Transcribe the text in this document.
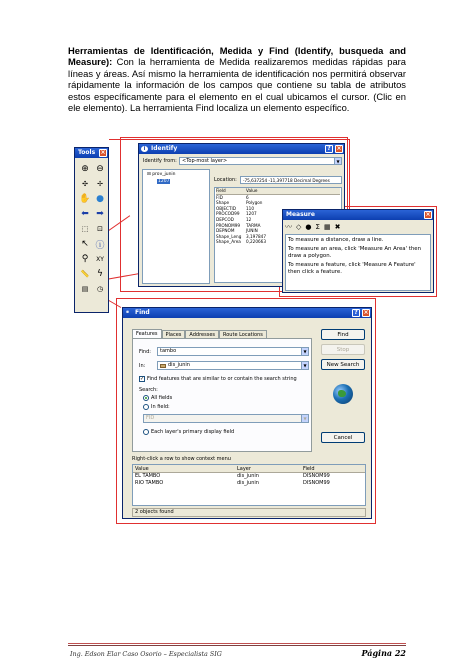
Herramientas de Identificación, Medida y Find (Identify, busqueda and Measure): Con la herramienta de Medida realizaremos medidas rápidas para líneas y áreas. Así mismo la herramienta de identificación nos permitirá observar rápidamente la información de los campos que contiene su tabla de atributos estos específicamente para el elemento en el cual ubicamos el cursor. (Clic en ele elemento). La herramienta Find localiza un elemento específico.
Tools ×
⊕ ⊖
✣	✢
✋ ●
⬅ ➡
⬚	⊡
↖ ⓘ
⚲	XY
📏 ϟ
▤	◷
i Identify	? ×
Identify from:	<Top-most layer>	▼
⊟ prov_junin
1207	Location:	-75,637254 -11,397718 Decimal Degrees
Field	Value
FID	6
Shape	Polygon
OBJECTID	110
PROCOD99	1207
DEPCOD	12
PRONOM99	TARMA
DEPNOM	JUNIN
Shape_Leng	3,197847
Shape_Area	0,220663
Measure	×
〰 ◇ ● Σ ▦ ✖
To measure a distance, draw a line.
To measure an area, click 'Measure An Area' then draw a polygon.
To measure a feature, click 'Measure A Feature' then click a feature.
⚭ Find	? ×
Features	Places	Addresses	Route Locations
Find:	tambo	▼
In:	dis_junin	▼
✓ Find features that are similar to or contain the search string
Search:
All fields
In field:
FID	▼
Each layer's primary display field
Find
Stop
New Search
Cancel
Right-click a row to show context menu
Value	Layer	Field
EL TAMBO	dis_junin	DISNOM99
RIO TAMBO	dis_junin	DISNOM99
2 objects found
Ing. Edson Elar Caso Osorio – Especialista SIG	Página 22
